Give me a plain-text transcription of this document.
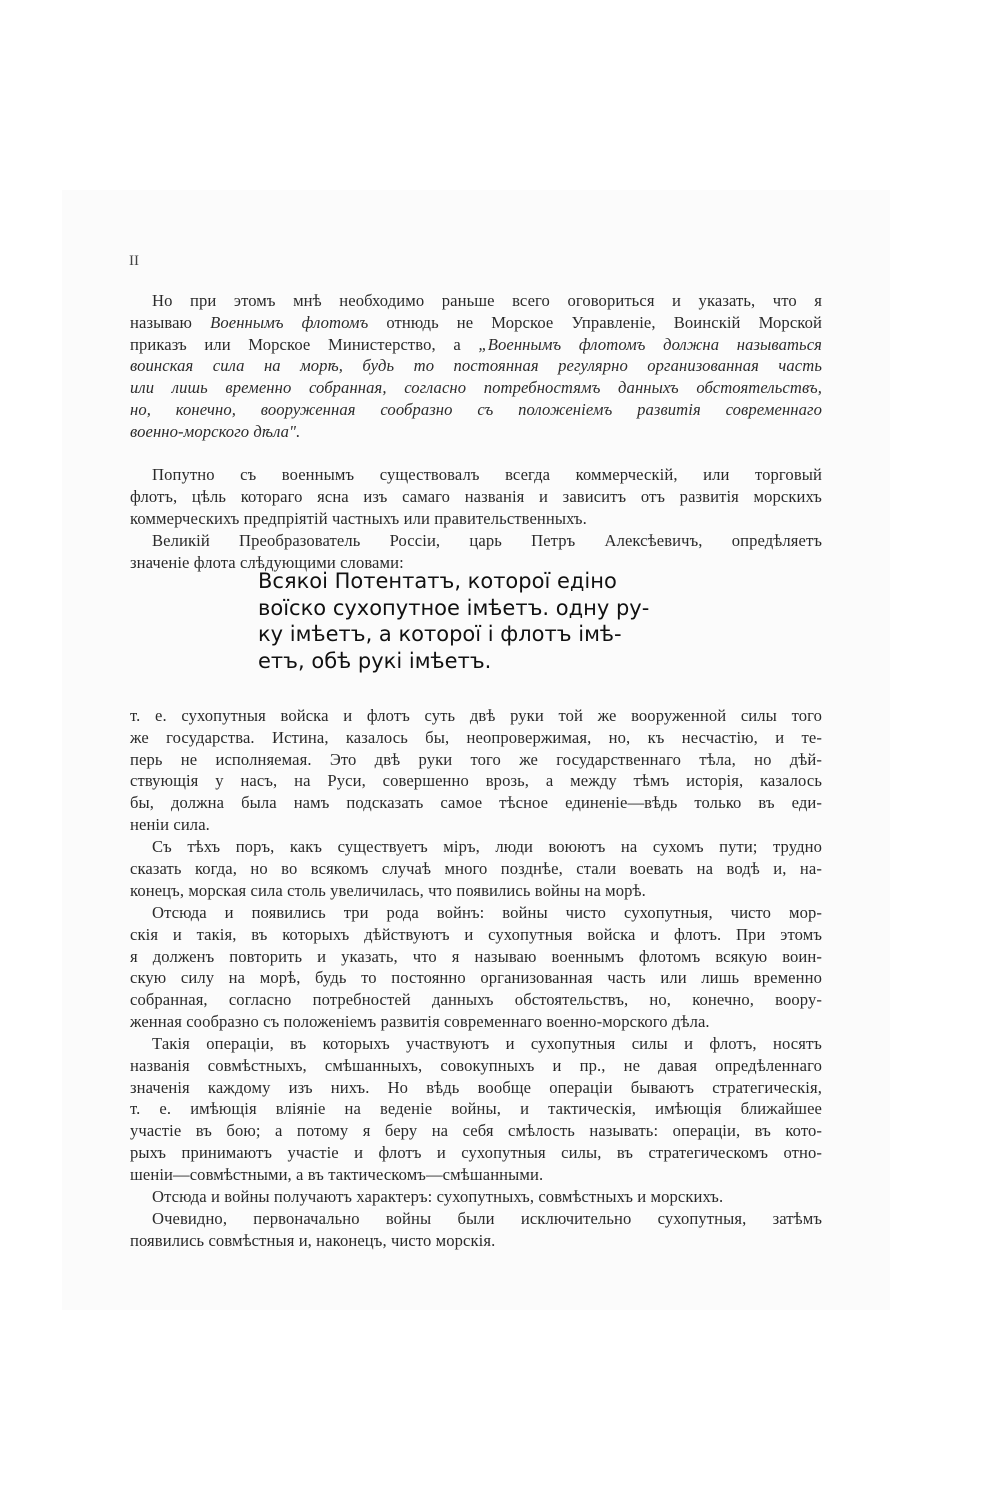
II
Но при этомъ мнѣ необходимо раньше всего оговориться и указать, что я
называю Военнымъ флотомъ отнюдь не Морское Управленіе, Воинскій Морской
приказъ или Морское Министерство, а „Военнымъ флотомъ должна называться
воинская сила на морѣ, будь то постоянная регулярно организованная часть
или лишь временно собранная, согласно потребностямъ данныхъ обстоятельствъ,
но, конечно, вооруженная сообразно съ положеніемъ развитія современнаго
военно-морского дѣла".
Попутно съ военнымъ существовалъ всегда коммерческій, или торговый
флотъ, цѣль котораго ясна изъ самаго названія и зависитъ отъ развитія морскихъ
коммерческихъ предпріятій частныхъ или правительственныхъ.
Великій Преобразователь Россіи, царь Петръ Алексѣевичъ, опредѣляетъ
значеніе флота слѣдующими словами:
Всякоі Потентатъ, которої едіно
воїско сухопутное імѣетъ. одну ру-
ку імѣетъ, а которої і флотъ імѣ-
етъ, обѣ рукі імѣетъ.
т. е. сухопутныя войска и флотъ суть двѣ руки той же вооруженной силы того
же государства. Истина, казалось бы, неопровержимая, но, къ несчастію, и те-
перь не исполняемая. Это двѣ руки того же государственнаго тѣла, но дѣй-
ствующія у насъ, на Руси, совершенно врозь, а между тѣмъ исторія, казалось
бы, должна была намъ подсказать самое тѣсное единеніе—вѣдь только въ еди-
неніи сила.
Съ тѣхъ поръ, какъ существуетъ міръ, люди воюютъ на сухомъ пути; трудно
сказать когда, но во всякомъ случаѣ много позднѣе, стали воевать на водѣ и, на-
конецъ, морская сила столь увеличилась, что появились войны на морѣ.
Отсюда и появились три рода войнъ: войны чисто сухопутныя, чисто мор-
скія и такія, въ которыхъ дѣйствуютъ и сухопутныя войска и флотъ. При этомъ
я долженъ повторить и указать, что я называю военнымъ флотомъ всякую воин-
скую силу на морѣ, будь то постоянно организованная часть или лишь временно
собранная, согласно потребностей данныхъ обстоятельствъ, но, конечно, воору-
женная сообразно съ положеніемъ развитія современнаго военно-морского дѣла.
Такія операціи, въ которыхъ участвуютъ и сухопутныя силы и флотъ, носятъ
названія совмѣстныхъ, смѣшанныхъ, совокупныхъ и пр., не давая опредѣленнаго
значенія каждому изъ нихъ. Но вѣдь вообще операціи бываютъ стратегическія,
т. е. имѣющія вліяніе на веденіе войны, и тактическія, имѣющія ближайшее
участіе въ бою; а потому я беру на себя смѣлость называть: операціи, въ кото-
рыхъ принимаютъ участіе и флотъ и сухопутныя силы, въ стратегическомъ отно-
шеніи—совмѣстными, а въ тактическомъ—смѣшанными.
Отсюда и войны получаютъ характеръ: сухопутныхъ, совмѣстныхъ и морскихъ.
Очевидно, первоначально войны были исключительно сухопутныя, затѣмъ
появились совмѣстныя и, наконецъ, чисто морскія.
